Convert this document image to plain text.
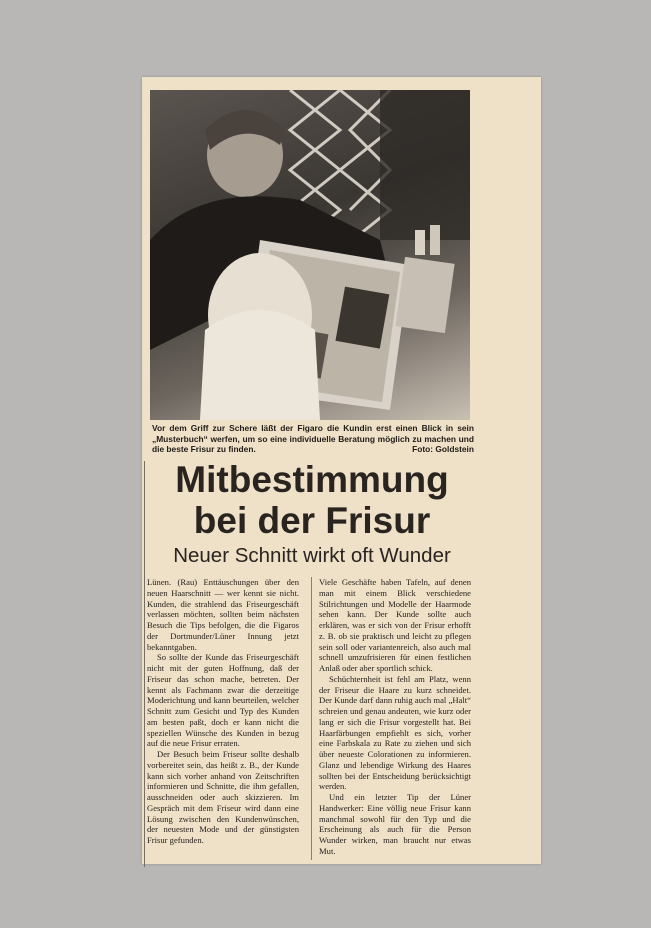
Vor dem Griff zur Schere läßt der Figaro die Kundin erst einen Blick in sein „Musterbuch“ werfen, um so eine individuelle Beratung möglich zu machen und die beste Frisur zu finden.	Foto: Goldstein
Mitbestimmung
bei der Frisur
Neuer Schnitt wirkt oft Wunder

Lünen. (Rau) Enttäuschungen über den neuen Haarschnitt — wer kennt sie nicht. Kunden, die strahlend das Friseurgeschäft verlassen möchten, sollten beim nächsten Besuch die Tips befolgen, die die Figaros der Dortmunder/Lüner Innung jetzt bekanntgaben.

So sollte der Kunde das Friseurgeschäft nicht mit der guten Hoffnung, daß der Friseur das schon mache, betreten. Der kennt als Fachmann zwar die derzeitige Moderichtung und kann beurteilen, welcher Schnitt zum Gesicht und Typ des Kunden am besten paßt, doch er kann nicht die speziellen Wünsche des Kunden in bezug auf die neue Frisur erraten.

Der Besuch beim Friseur sollte deshalb vorbereitet sein, das heißt z. B., der Kunde kann sich vorher anhand von Zeitschriften informieren und Schnitte, die ihm gefallen, ausschneiden oder auch skizzieren. Im Gespräch mit dem Friseur wird dann eine Lösung zwischen den Kundenwünschen, der neuesten Mode und der günstigsten Frisur gefunden.

Viele Geschäfte haben Tafeln, auf denen man mit einem Blick verschiedene Stilrichtungen und Modelle der Haarmode sehen kann. Der Kunde sollte auch erklären, was er sich von der Frisur erhofft z. B. ob sie praktisch und leicht zu pflegen sein soll oder variantenreich, also auch mal schnell umzufrisieren für einen festlichen Anlaß oder aber sportlich schick.

Schüchternheit ist fehl am Platz, wenn der Friseur die Haare zu kurz schneidet. Der Kunde darf dann ruhig auch mal „Halt“ schreien und genau andeuten, wie kurz oder lang er sich die Frisur vorgestellt hat. Bei Haarfärbungen empfiehlt es sich, vorher eine Farbskala zu Rate zu ziehen und sich über neueste Colorationen zu informieren. Glanz und lebendige Wirkung des Haares sollten bei der Entscheidung berücksichtigt werden.

Und ein letzter Tip der Lüner Handwerker: Eine völlig neue Frisur kann manchmal sowohl für den Typ und die Erscheinung als auch für die Person Wunder wirken, man braucht nur etwas Mut.
